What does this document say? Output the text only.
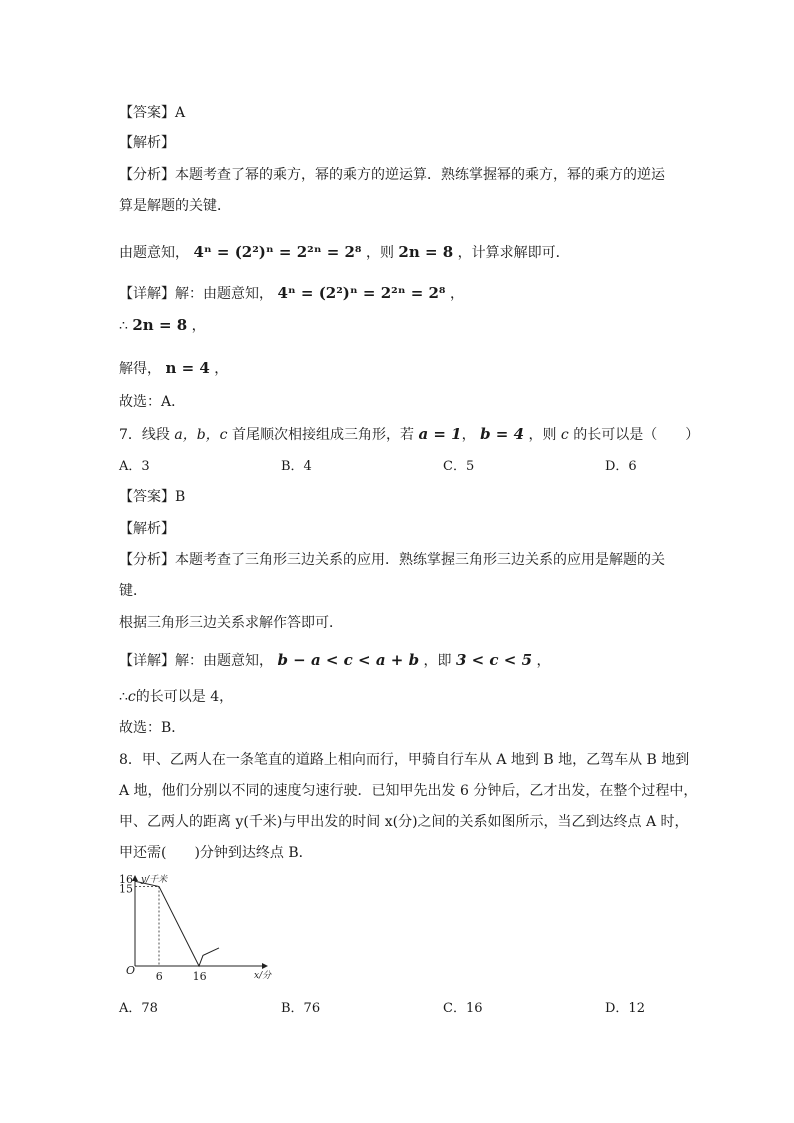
【答案】A
【解析】
【分析】本题考查了幂的乘方，幂的乘方的逆运算．熟练掌握幂的乘方，幂的乘方的逆运
算是解题的关键．
由题意知， 4ⁿ = (2²)ⁿ = 2²ⁿ = 2⁸ ，则 2n = 8 ，计算求解即可．
【详解】解：由题意知， 4ⁿ = (2²)ⁿ = 2²ⁿ = 2⁸ ，
∴ 2n = 8 ，
解得， n = 4 ，
故选：A．
7．线段 a，b，c 首尾顺次相接组成三角形，若 a = 1， b = 4 ，则 c 的长可以是（　　）
A．3	B．4	C．5	D．6
【答案】B
【解析】
【分析】本题考查了三角形三边关系的应用．熟练掌握三角形三边关系的应用是解题的关
键．
根据三角形三边关系求解作答即可．
【详解】解：由题意知， b − a < c < a + b ，即 3 < c < 5 ，
∴c的长可以是 4，
故选：B．
8．甲、乙两人在一条笔直的道路上相向而行，甲骑自行车从 A 地到 B 地，乙驾车从 B 地到
A 地，他们分别以不同的速度匀速行驶．已知甲先出发 6 分钟后，乙才出发，在整个过程中，
甲、乙两人的距离 y(千米)与甲出发的时间 x(分)之间的关系如图所示，当乙到达终点 A 时，
甲还需(　　)分钟到达终点 B．
16
15
6	16
y/千米
x/分
O
A．78	B．76	C．16	D．12
